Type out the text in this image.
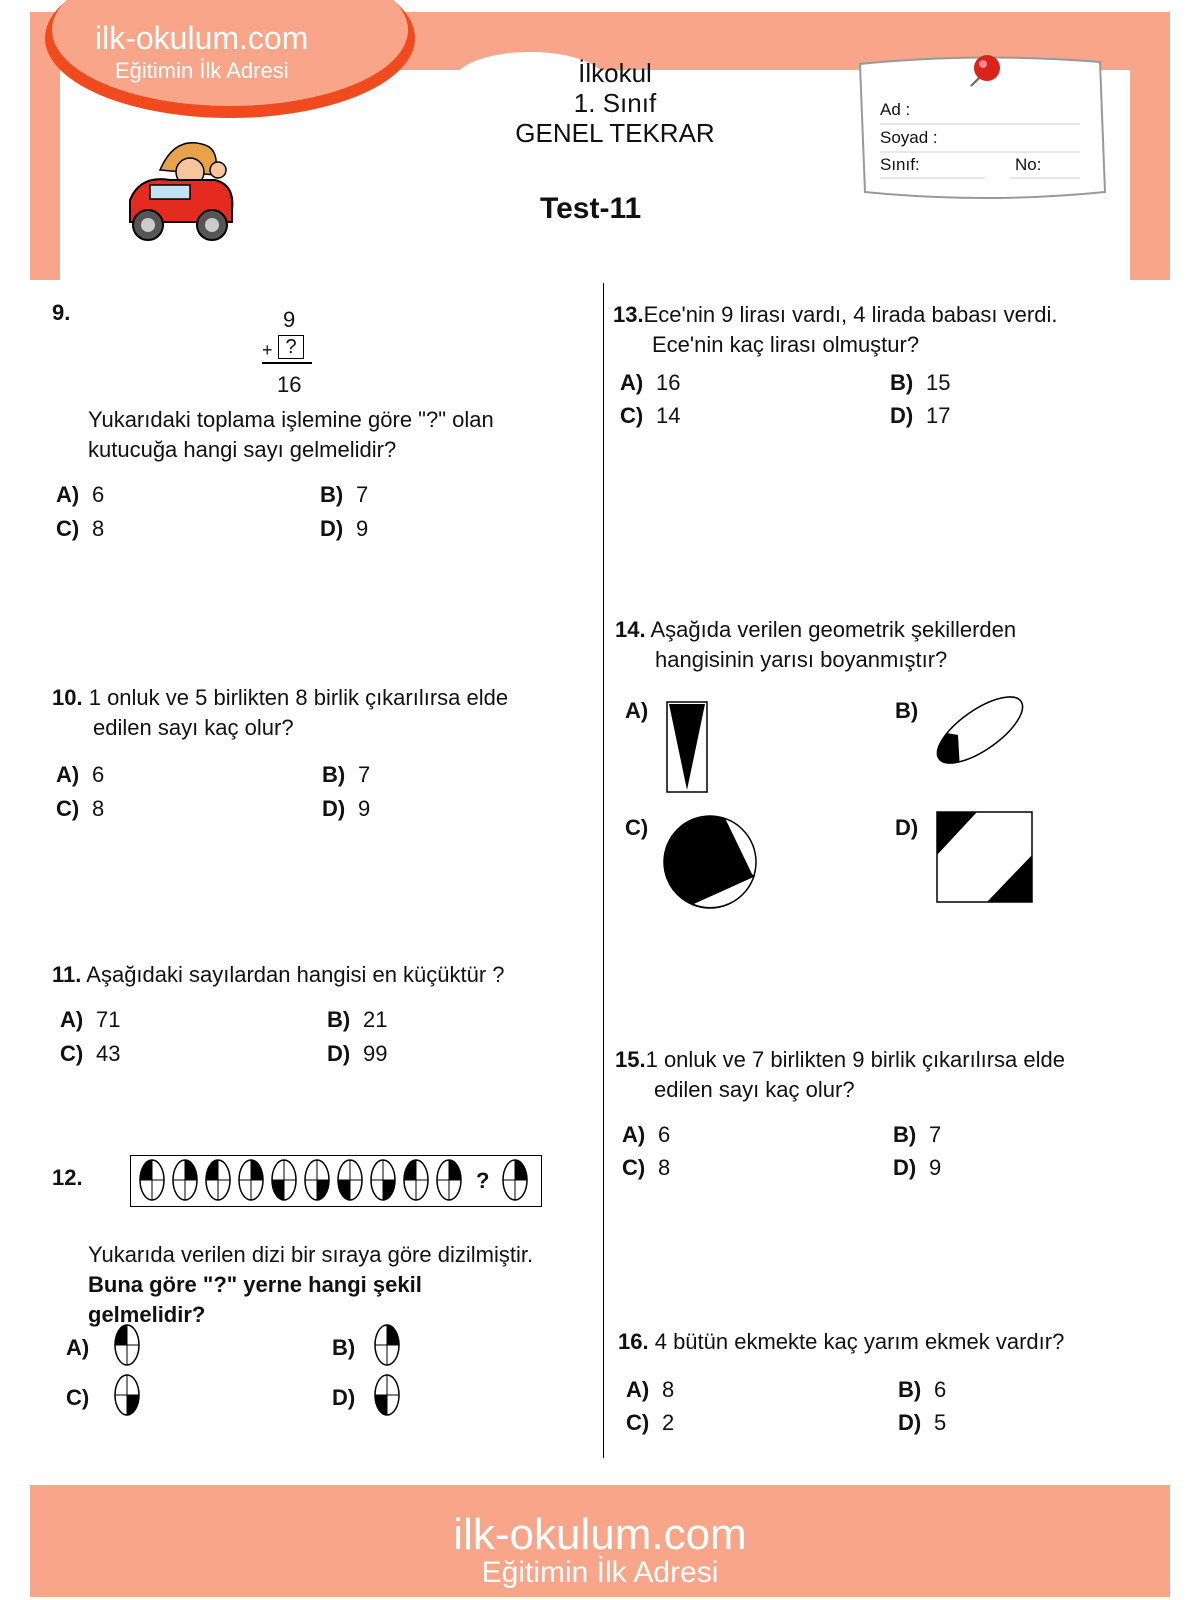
ilk-okulum.com
Eğitimin İlk Adresi	İlkokul
1. Sınıf
GENEL TEKRAR
Ad :
Soyad :
Sınıf:	No:
Test-11
9.	9
+ ?
16
Yukarıdaki toplama işlemine göre "?" olan
kutucuğa hangi sayı gelmelidir?
A) 6	B) 7
C) 8	D) 9
10. 1 onluk ve 5 birlikten 8 birlik çıkarılırsa elde
edilen sayı kaç olur?
A) 6	B) 7
C) 8	D) 9
11. Aşağıdaki sayılardan hangisi en küçüktür ?
A) 71	B) 21
C) 43	D) 99
12.	?
Yukarıda verilen dizi bir sıraya göre dizilmiştir.
Buna göre "?" yerne hangi şekil
gelmelidir?
A)	B)
C)	D)
13.Ece'nin 9 lirası vardı, 4 lirada babası verdi.
Ece'nin kaç lirası olmuştur?
A) 16	B) 15
C) 14	D) 17
14. Aşağıda verilen geometrik şekillerden
hangisinin yarısı boyanmıştır?
A)	B)
C)	D)
15.1 onluk ve 7 birlikten 9 birlik çıkarılırsa elde
edilen sayı kaç olur?
A) 6	B) 7
C) 8	D) 9
16. 4 bütün ekmekte kaç yarım ekmek vardır?
A) 8	B) 6
C) 2	D) 5
ilk-okulum.com
Eğitimin İlk Adresi
